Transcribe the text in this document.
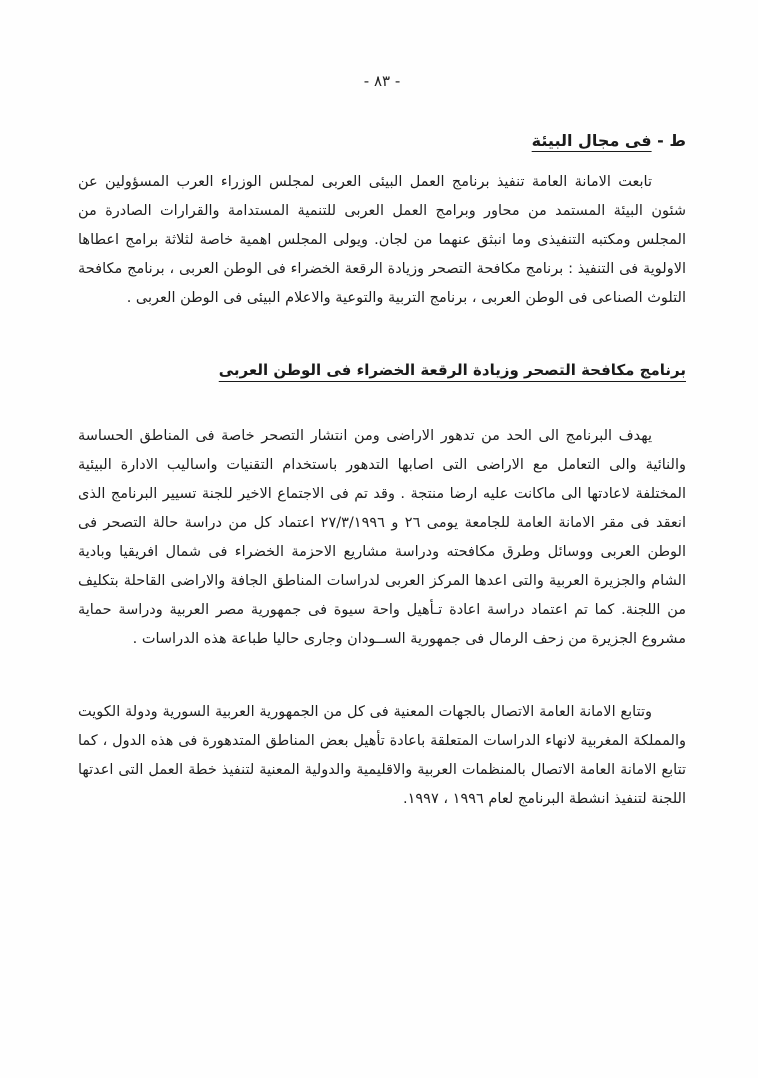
- ٨٣ -
ط - فى مجال البيئة

تابعت الامانة العامة تنفيذ برنامج العمل البيئى العربى لمجلس الوزراء العرب المسؤولين عن شئون البيئة المستمد من محاور وبرامج العمل العربى للتنمية المستدامة والقرارات الصادرة من المجلس ومكتبه التنفيذى وما انبثق عنهما من لجان. ويولى المجلس اهمية خاصة لثلاثة برامج اعطاها الاولوية فى التنفيذ : برنامج مكافحة التصحر وزيادة الرقعة الخضراء فى الوطن العربى ، برنامج مكافحة التلوث الصناعى فى الوطن العربى ، برنامج التربية والتوعية والاعلام البيئى فى الوطن العربى .

برنامج مكافحة التصحر وزيادة الرقعة الخضراء فى الوطن العربى

يهدف البرنامج الى الحد من تدهور الاراضى ومن انتشار التصحر خاصة فى المناطق الحساسة والنائية والى التعامل مع الاراضى التى اصابها التدهور باستخدام التقنيات واساليب الادارة البيئية المختلفة لاعادتها الى ماكانت عليه ارضا منتجة . وقد تم فى الاجتماع الاخير للجنة تسيير البرنامج الذى انعقد فى مقر الامانة العامة للجامعة يومى ٢٦ و ٢٧/٣/١٩٩٦ اعتماد كل من دراسة حالة التصحر فى الوطن العربى ووسائل وطرق مكافحته ودراسة مشاريع الاحزمة الخضراء فى شمال افريقيا وبادية الشام والجزيرة العربية والتى اعدها المركز العربى لدراسات المناطق الجافة والاراضى القاحلة بتكليف من اللجنة. كما تم اعتماد دراسة اعادة تـأهيل واحة سيوة فى جمهورية مصر العربية ودراسة حماية مشروع الجزيرة من زحف الرمال فى جمهورية الســودان وجارى حاليا طباعة هذه الدراسات .

وتتابع الامانة العامة الاتصال بالجهات المعنية فى كل من الجمهورية العربية السورية ودولة الكويت والمملكة المغربية لانهاء الدراسات المتعلقة باعادة تأهيل بعض المناطق المتدهورة فى هذه الدول ، كما تتابع الامانة العامة الاتصال بالمنظمات العربية والاقليمية والدولية المعنية لتنفيذ خطة العمل التى اعدتها اللجنة لتنفيذ انشطة البرنامج لعام ١٩٩٦ ، ١٩٩٧.
